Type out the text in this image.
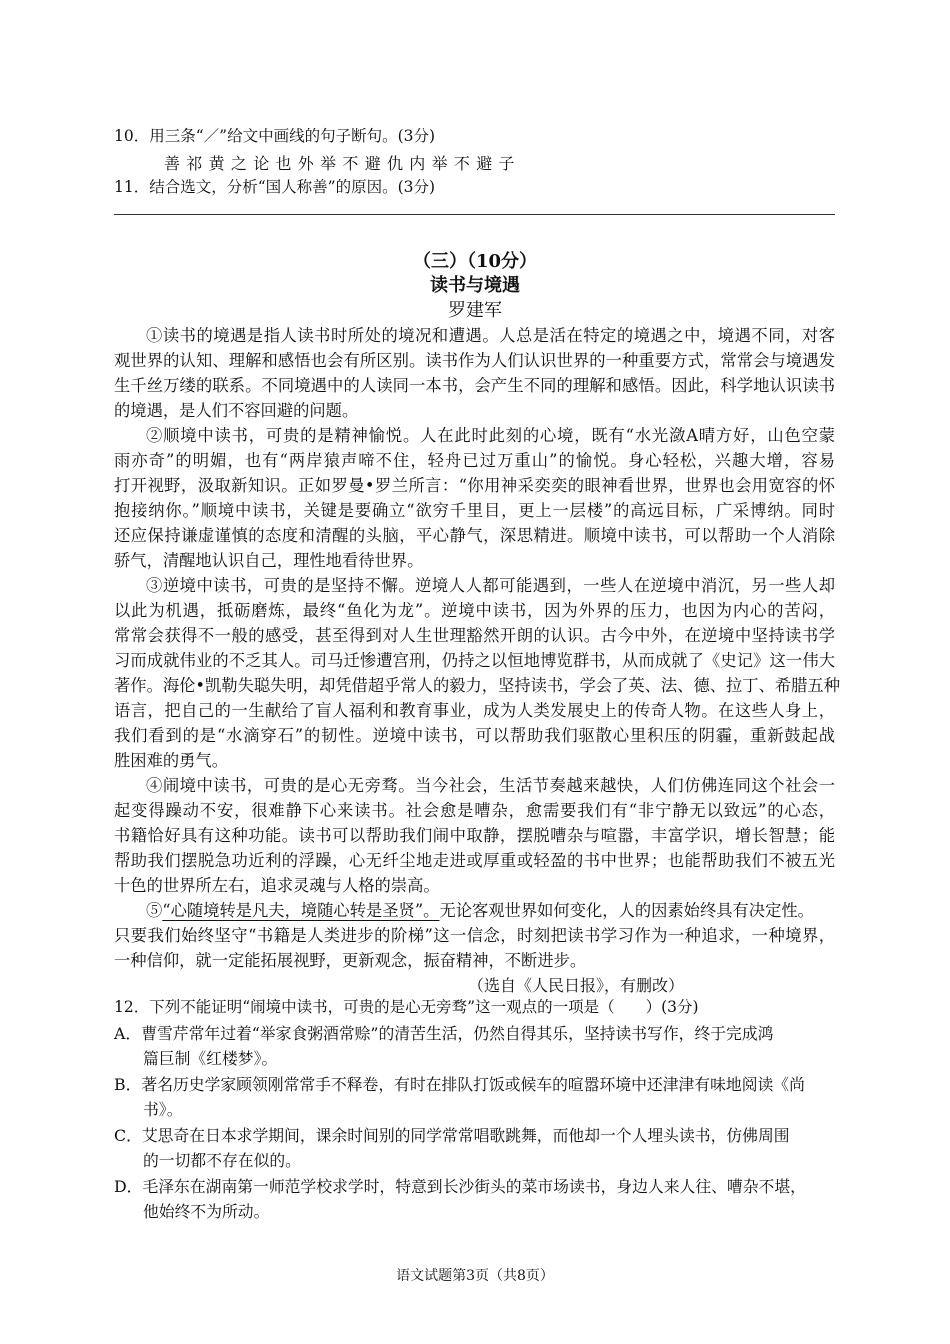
10．用三条“／”给文中画线的句子断句。(3分)
善祁黄之论也外举不避仇内举不避子
11．结合选文，分析“国人称善”的原因。(3分)
（三）（10分）
读书与境遇
罗建军
①读书的境遇是指人读书时所处的境况和遭遇。人总是活在特定的境遇之中，境遇不同，对客
观世界的认知、理解和感悟也会有所区别。读书作为人们认识世界的一种重要方式，常常会与境遇发
生千丝万缕的联系。不同境遇中的人读同一本书，会产生不同的理解和感悟。因此，科学地认识读书
的境遇，是人们不容回避的问题。
②顺境中读书，可贵的是精神愉悦。人在此时此刻的心境，既有“水光潋A晴方好，山色空蒙
雨亦奇”的明媚，也有“两岸猿声啼不住，轻舟已过万重山”的愉悦。身心轻松，兴趣大增，容易
打开视野，汲取新知识。正如罗曼•罗兰所言：“你用神采奕奕的眼神看世界，世界也会用宽容的怀
抱接纳你。”顺境中读书，关键是要确立“欲穷千里目，更上一层楼”的高远目标，广采博纳。同时
还应保持谦虚谨慎的态度和清醒的头脑，平心静气，深思精进。顺境中读书，可以帮助一个人消除
骄气，清醒地认识自己，理性地看待世界。
③逆境中读书，可贵的是坚持不懈。逆境人人都可能遇到，一些人在逆境中消沉，另一些人却
以此为机遇，抵砺磨炼，最终“鱼化为龙”。逆境中读书，因为外界的压力，也因为内心的苦闷，
常常会获得不一般的感受，甚至得到对人生世理豁然开朗的认识。古今中外，在逆境中坚持读书学
习而成就伟业的不乏其人。司马迁惨遭宫刑，仍持之以恒地博览群书，从而成就了《史记》这一伟大
著作。海伦•凯勒失聪失明，却凭借超乎常人的毅力，坚持读书，学会了英、法、德、拉丁、希腊五种
语言，把自己的一生献给了盲人福利和教育事业，成为人类发展史上的传奇人物。在这些人身上，
我们看到的是“水滴穿石”的韧性。逆境中读书，可以帮助我们驱散心里积压的阴霾，重新鼓起战
胜困难的勇气。
④闹境中读书，可贵的是心无旁骛。当今社会，生活节奏越来越快，人们仿佛连同这个社会一
起变得躁动不安，很难静下心来读书。社会愈是嘈杂，愈需要我们有“非宁静无以致远”的心态，
书籍恰好具有这种功能。读书可以帮助我们闹中取静，摆脱嘈杂与喧嚣，丰富学识，增长智慧；能
帮助我们摆脱急功近利的浮躁，心无纤尘地走进或厚重或轻盈的书中世界；也能帮助我们不被五光
十色的世界所左右，追求灵魂与人格的崇高。
⑤“心随境转是凡夫，境随心转是圣贤”。无论客观世界如何变化，人的因素始终具有决定性。
只要我们始终坚守“书籍是人类进步的阶梯”这一信念，时刻把读书学习作为一种追求，一种境界，
一种信仰，就一定能拓展视野，更新观念，振奋精神，不断进步。
（选自《人民日报》，有删改）
12．下列不能证明“闹境中读书，可贵的是心无旁骛”这一观点的一项是（　　）(3分)
A．曹雪芹常年过着“举家食粥酒常赊”的清苦生活，仍然自得其乐，坚持读书写作，终于完成鸿
篇巨制《红楼梦》。
B．著名历史学家顾领刚常常手不释卷，有时在排队打饭或候车的喧嚣环境中还津津有味地阅读《尚
书》。
C．艾思奇在日本求学期间，课余时间别的同学常常唱歌跳舞，而他却一个人埋头读书，仿佛周围
的一切都不存在似的。
D．毛泽东在湖南第一师范学校求学时，特意到长沙街头的菜市场读书，身边人来人往、嘈杂不堪，
他始终不为所动。
语文试题第3页（共8页）
